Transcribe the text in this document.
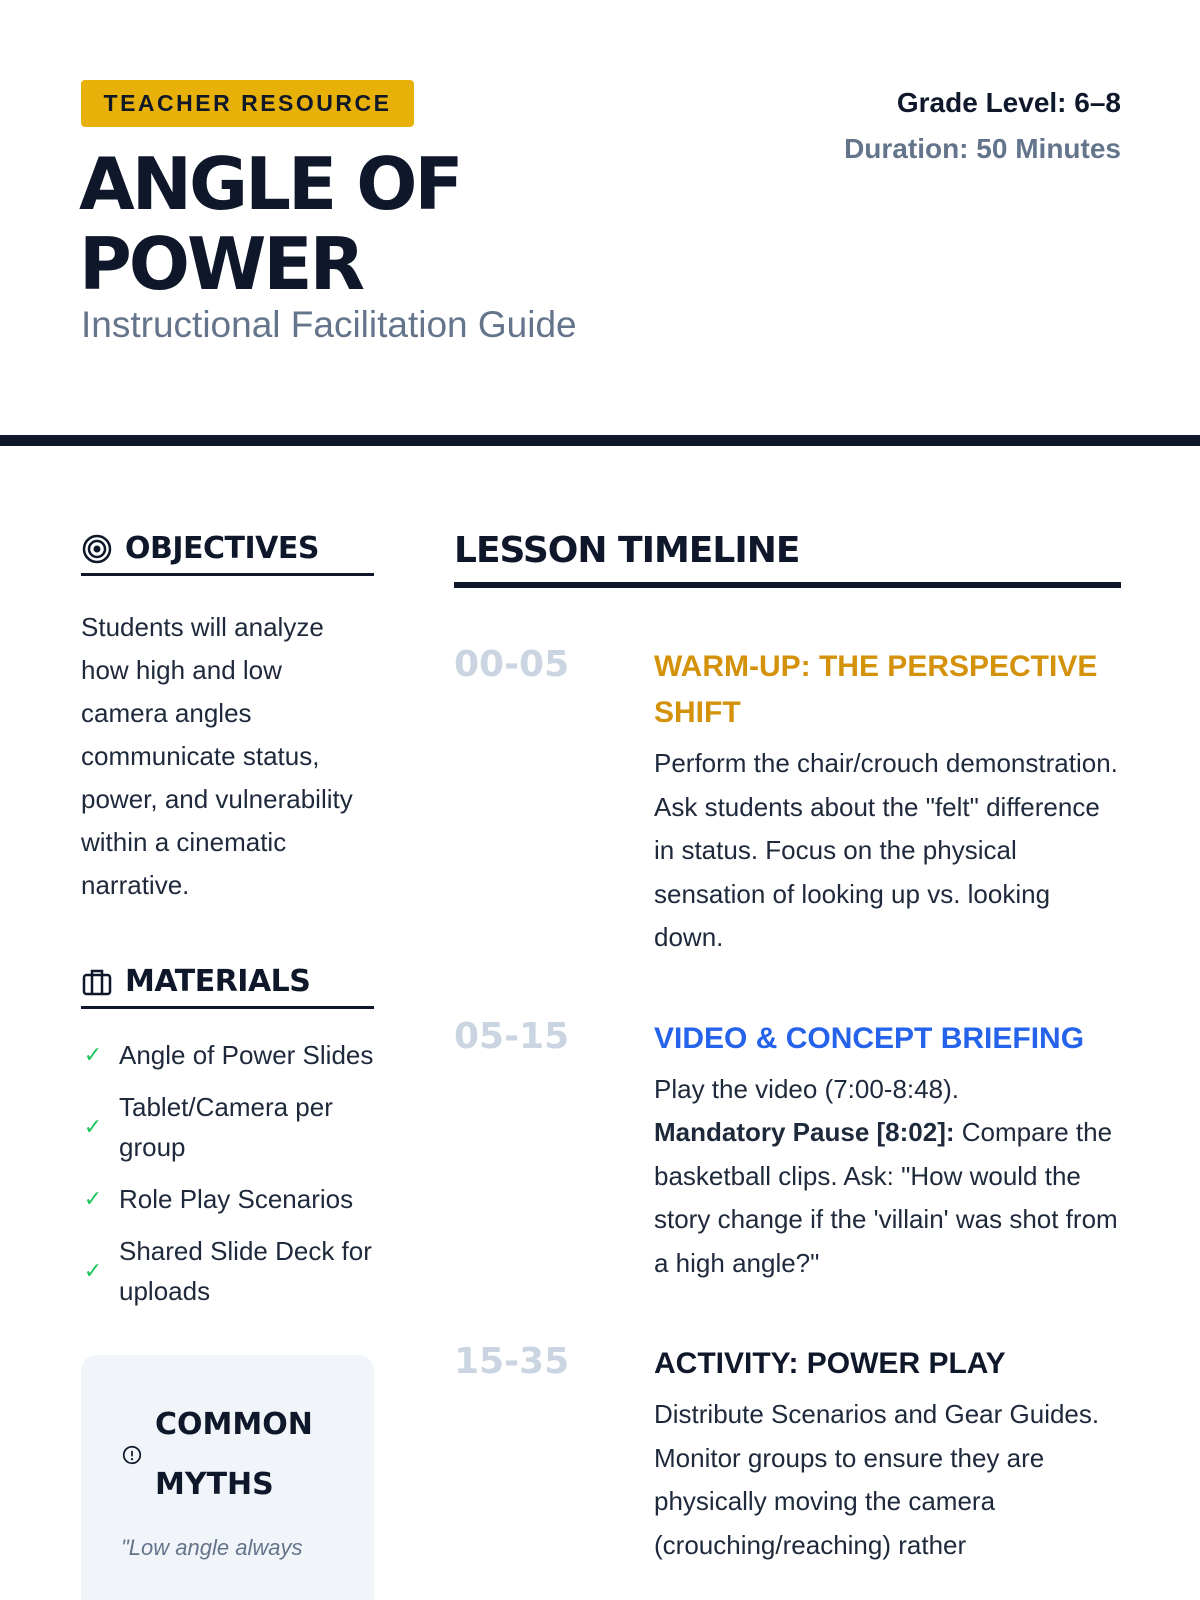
TEACHER RESOURCE
ANGLE OF POWER
Instructional Facilitation Guide
Grade Level: 6–8
Duration: 50 Minutes
OBJECTIVES

Students will analyze how high and low camera angles communicate status, power, and vulnerability within a cinematic narrative.

MATERIALS
✓ Angle of Power Slides
✓
Tablet/Camera per group
✓ Role Play Scenarios
✓
Shared Slide Deck for uploads
COMMON MYTHS

"Low angle always

LESSON TIMELINE
00-05	WARM-UP: THE PERSPECTIVE SHIFT

Perform the chair/crouch demonstration. Ask students about the "felt" difference in status. Focus on the physical sensation of looking up vs. looking down.

05-15	VIDEO & CONCEPT BRIEFING

Play the video (7:00-8:48).
Mandatory Pause [8:02]: Compare the basketball clips. Ask: "How would the story change if the 'villain' was shot from a high angle?"

15-35	ACTIVITY: POWER PLAY

Distribute Scenarios and Gear Guides. Monitor groups to ensure they are physically moving the camera (crouching/reaching) rather
